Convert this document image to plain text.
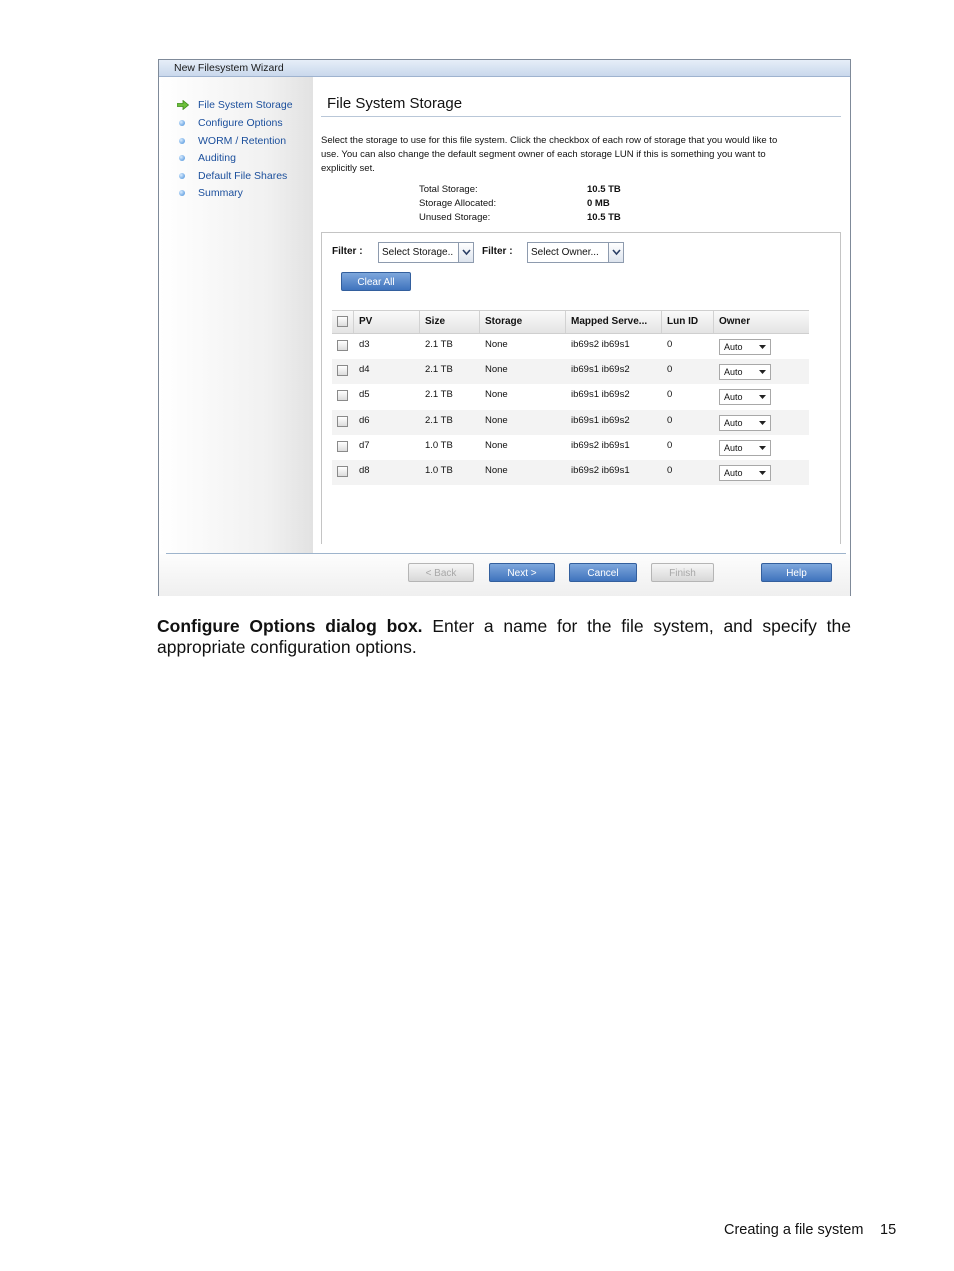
New Filesystem Wizard
File System Storage
Configure Options
WORM / Retention
Auditing
Default File Shares
Summary
File System Storage
Select the storage to use for this file system. Click the checkbox of each row of storage that you would like to use. You can also change the default segment owner of each storage LUN if this is something you want to explicitly set.
Total Storage:	10.5 TB
Storage Allocated:	0 MB
Unused Storage:	10.5 TB
Filter :	Select Storage..	Filter :	Select Owner...
Clear All
PV	Size	Storage	Mapped Serve...	Lun ID	Owner
d3	2.1 TB	None	ib69s2 ib69s1	0	Auto
d4	2.1 TB	None	ib69s1 ib69s2	0	Auto
d5	2.1 TB	None	ib69s1 ib69s2	0	Auto
d6	2.1 TB	None	ib69s1 ib69s2	0	Auto
d7	1.0 TB	None	ib69s2 ib69s1	0	Auto
d8	1.0 TB	None	ib69s2 ib69s1	0	Auto
< Back	Next >	Cancel	Finish	Help
Configure Options dialog box. Enter a name for the file system, and specify the appropriate configuration options.
Creating a file system 15
